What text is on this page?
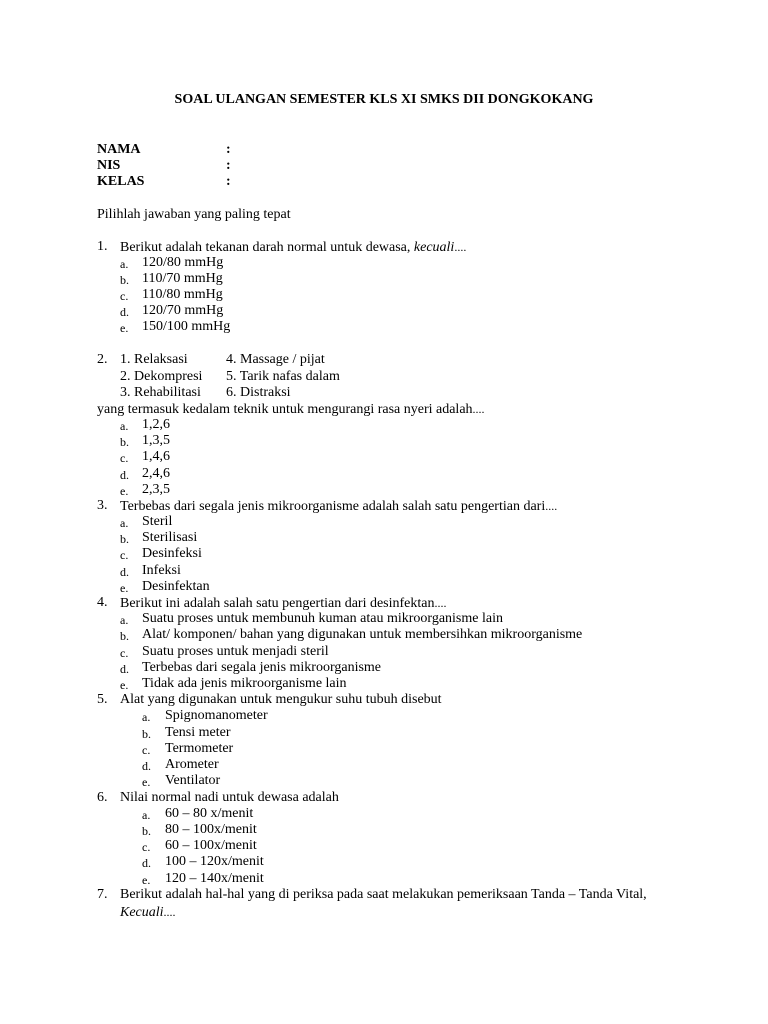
SOAL ULANGAN SEMESTER KLS XI SMKS DII DONGKOKANG
NAMA	:
NIS	:
KELAS	:
Pilihlah jawaban yang paling tepat
1. Berikut adalah tekanan darah normal untuk dewasa, kecuali....
a. 120/80 mmHg
b. 110/70 mmHg
c. 110/80 mmHg
d. 120/70 mmHg
e. 150/100 mmHg
2. 1. Relaksasi	4. Massage / pijat
2. Dekompresi 5. Tarik nafas dalam
3. Rehabilitasi 6. Distraksi
yang termasuk kedalam teknik untuk mengurangi rasa nyeri adalah....
a. 1,2,6
b. 1,3,5
c. 1,4,6
d. 2,4,6
e. 2,3,5
3. Terbebas dari segala jenis mikroorganisme adalah salah satu pengertian dari....
a. Steril
b. Sterilisasi
c. Desinfeksi
d. Infeksi
e. Desinfektan
4. Berikut ini adalah salah satu pengertian dari desinfektan....
a. Suatu proses untuk membunuh kuman atau mikroorganisme lain
b. Alat/ komponen/ bahan yang digunakan untuk membersihkan mikroorganisme
c. Suatu proses untuk menjadi steril
d. Terbebas dari segala jenis mikroorganisme
e. Tidak ada jenis mikroorganisme lain
5. Alat yang digunakan untuk mengukur suhu tubuh disebut
a. Spignomanometer
b. Tensi meter
c. Termometer
d. Arometer
e. Ventilator
6. Nilai normal nadi untuk dewasa adalah
a. 60 – 80 x/menit
b. 80 – 100x/menit
c. 60 – 100x/menit
d. 100 – 120x/menit
e. 120 – 140x/menit
7. Berikut adalah hal-hal yang di periksa pada saat melakukan pemeriksaan Tanda – Tanda Vital,
Kecuali....
